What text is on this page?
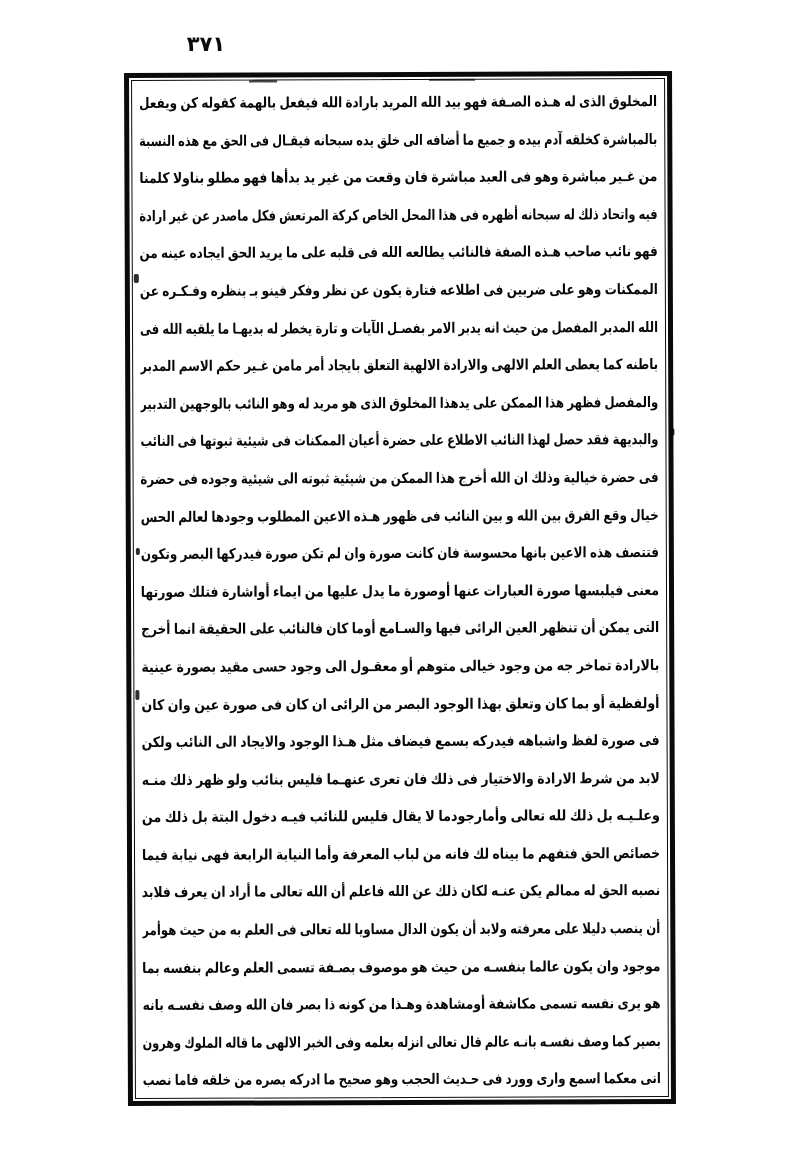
٣٧١
المخلوق الذى له هـذه الصـفة فهو بيد الله المريد بارادة الله فيفعل بالهمة كقوله كن ويفعل
بالمباشرة كخلقه آدم بيده و جميع ما أضافه الى خلق يده سبحانه فيقـال فى الحق مع هذه النسبة
من غـير مباشرة وهو فى العبد مباشرة فان وقعت من غير يد بدأها فهو مطلو بناولا كلمنا
فيه واتحاد ذلك له سبحانه أظهره فى هذا المحل الخاص كركة المرتعش فكل ماصدر عن غير ارادة
فهو نائب صاحب هـذه الصفة فالنائب يطالعه الله فى قلبه على ما يريد الحق ايجاده عينه من
الممكنات وهو على ضربين فى اطلاعه فتارة يكون عن نظر وفكر فينو بـ بنظره وفـكـره عن
الله المدبر المفصل من حيث انه يدبر الامر بفصـل الآيات و تارة يخطر له بديهـا ما يلقيه الله فى
باطنه كما يعطى العلم الالهى والارادة الالهية التعلق بايجاد أمر مامن غـير حكم الاسم المدبر
والمفصل فظهر هذا الممكن على يدهذا المخلوق الذى هو مريد له وهو النائب بالوجهين التدبير
والبديهة فقد حصل لهذا النائب الاطلاع على حضرة أعيان الممكنات فى شيئية ثبوتها فى النائب
فى حضرة خيالية وذلك ان الله أخرج هذا الممكن من شيئية ثبوته الى شيئية وجوده فى حضرة
خيال وقع الفرق بين الله و بين النائب فى ظهور هـذه الاعين المطلوب وجودها لعالم الحس
فتتصف هذه الاعين بانها محسوسة فان كانت صورة وان لم تكن صورة فيدركها البصر وتكون
معنى فيلبسها صورة العبارات عنها أوصورة ما يدل عليها من ايماء أواشارة فتلك صورتها
التى يمكن أن تنظهر العين الرائى فيها والسـامع أوما كان فالنائب على الحقيقة انما أخرج
بالارادة تماخر جه من وجود خيالى متوهم أو معقـول الى وجود حسى مقيد بصورة عينية
أولفظية أو بما كان وتعلق بهذا الوجود البصر من الرائى ان كان فى صورة عين وان كان
فى صورة لفظ واشباهه فيدركه بسمع فيضاف مثل هـذا الوجود والايجاد الى النائب ولكن
لابد من شرط الارادة والاختيار فى ذلك فان تعرى عنهـما فليس بنائب ولو ظهر ذلك منـه
وعلـيـه بل ذلك لله تعالى وأمارجودما لا يقال فليس للنائب فيـه دخول البتة بل ذلك من
خصائص الحق فتفهم ما بيناه لك فانه من لباب المعرفة وأما النيابة الرابعة فهى نيابة فيما
نصبه الحق له ممالم يكن عنـه لكان ذلك عن الله فاعلم أن الله تعالى ما أراد ان يعرف فلابد
أن ينصب دليلا على معرفته ولابد أن يكون الدال مساويا لله تعالى فى العلم به من حيث هوأمر
موجود وان يكون عالما بنفسـه من حيث هو موصوف بصـفة تسمى العلم وعالم بنفسه بما
هو يرى نفسه تسمى مكاشفة أومشاهدة وهـذا من كونه ذا بصر فان الله وصف نفسـه بانه
بصير كما وصف نفسـه بانـه عالم قال تعالى انزله بعلمه وفى الخبر الالهى ما قاله الملوك وهرون
انى معكما اسمع وارى وورد فى حـديث الحجب وهو صحيح ما ادركه بصره من خلقه فاما نصب
